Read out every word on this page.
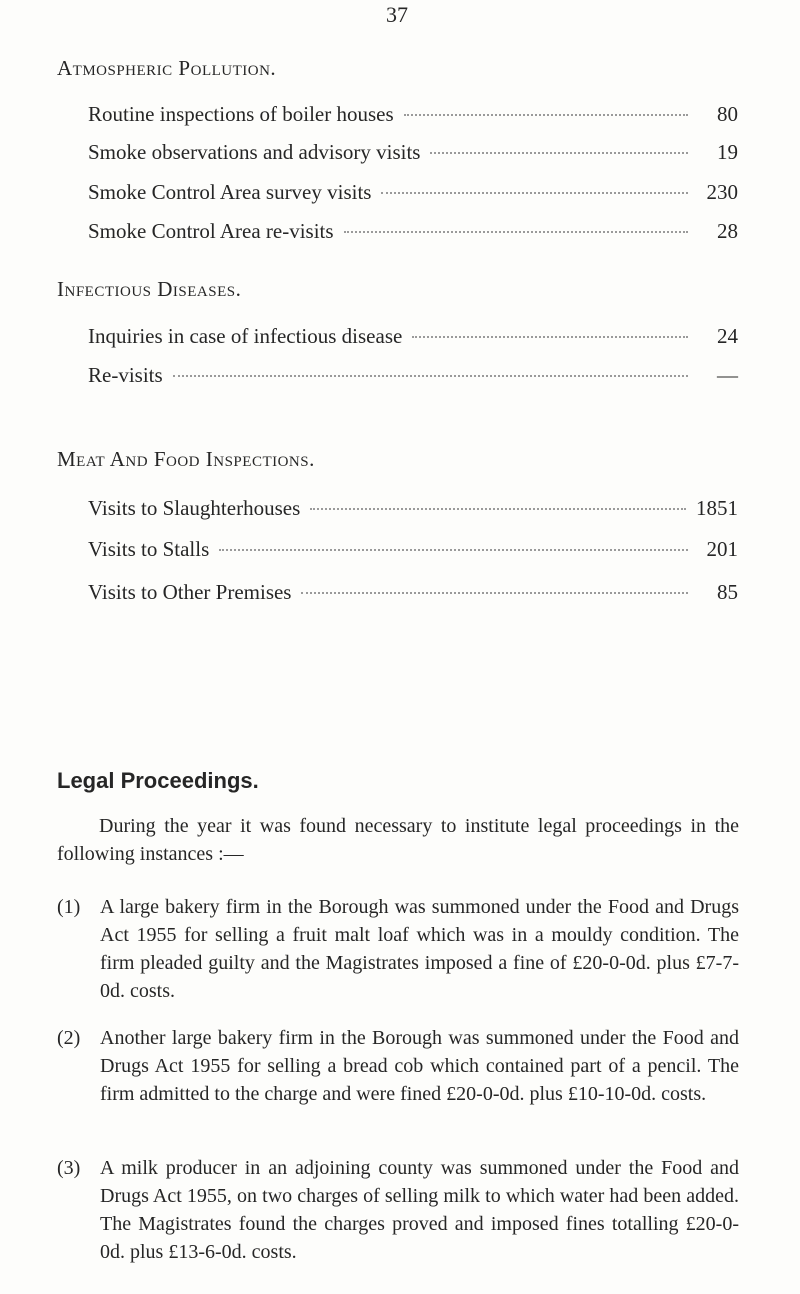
37
Atmospheric Pollution.
Routine inspections of boiler houses	80
Smoke observations and advisory visits	19
Smoke Control Area survey visits	230
Smoke Control Area re-visits	28
Infectious Diseases.
Inquiries in case of infectious disease	24
Re-visits	—
Meat And Food Inspections.
Visits to Slaughterhouses	1851
Visits to Stalls	201
Visits to Other Premises	85
Legal Proceedings.
During the year it was found necessary to institute legal proceedings in the following instances :—
(1) A large bakery firm in the Borough was summoned under the Food and Drugs Act 1955 for selling a fruit malt loaf which was in a mouldy condition. The firm pleaded guilty and the Magistrates imposed a fine of £20-0-0d. plus £7-7-0d. costs.
(2) Another large bakery firm in the Borough was summoned under the Food and Drugs Act 1955 for selling a bread cob which contained part of a pencil. The firm admitted to the charge and were fined £20-0-0d. plus £10-10-0d. costs.
(3) A milk producer in an adjoining county was summoned under the Food and Drugs Act 1955, on two charges of selling milk to which water had been added. The Magistrates found the charges proved and imposed fines totalling £20-0-0d. plus £13-6-0d. costs.
